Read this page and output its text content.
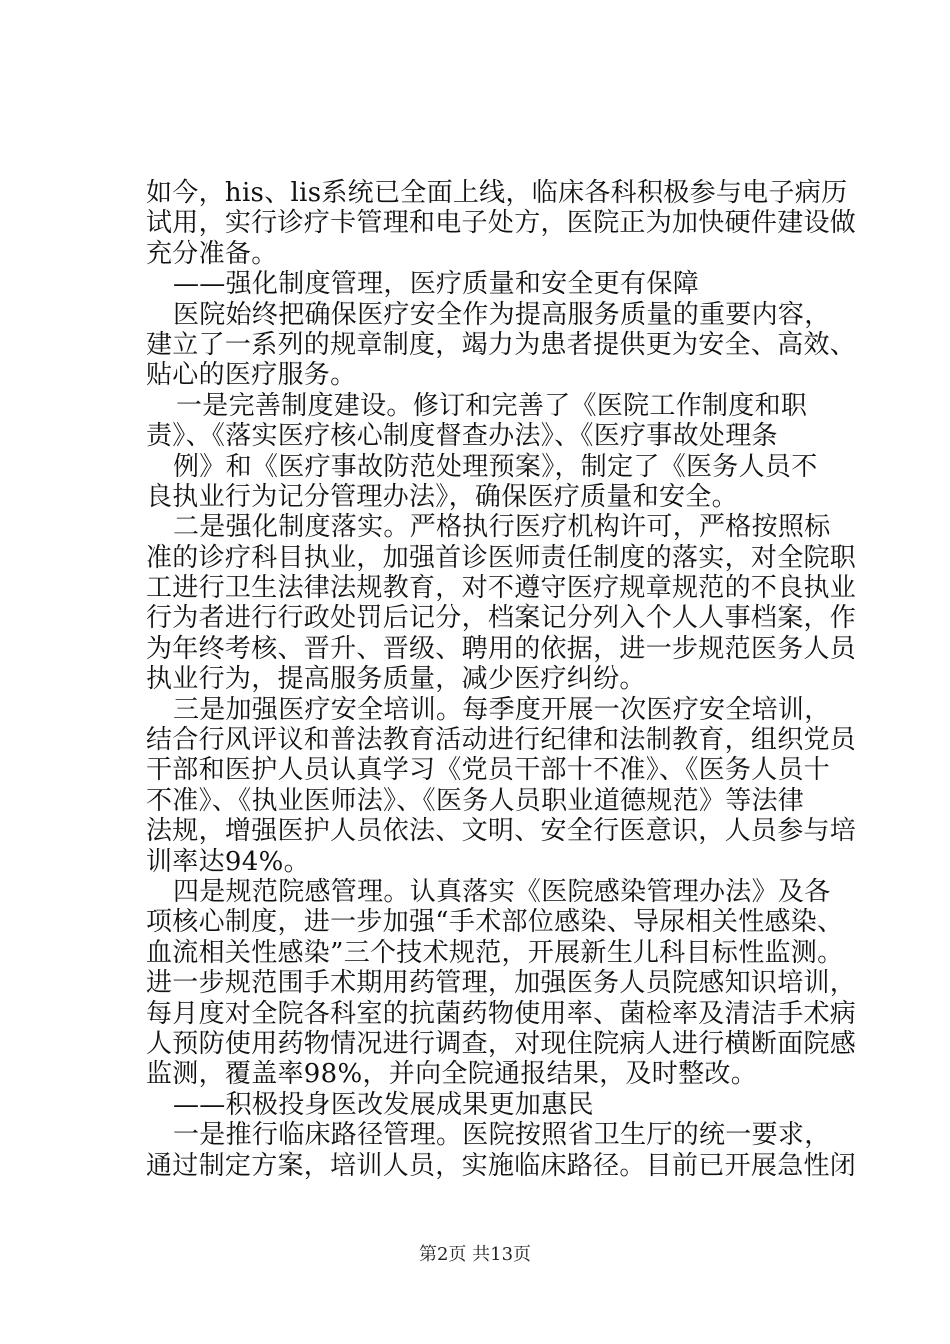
如今，his、lis系统已全面上线，临床各科积极参与电子病历
试用，实行诊疗卡管理和电子处方，医院正为加快硬件建设做
充分准备。
——强化制度管理，医疗质量和安全更有保障
医院始终把确保医疗安全作为提高服务质量的重要内容，
建立了一系列的规章制度，竭力为患者提供更为安全、高效、
贴心的医疗服务。
一是完善制度建设。修订和完善了《医院工作制度和职
责》、《落实医疗核心制度督查办法》、《医疗事故处理条
例》和《医疗事故防范处理预案》，制定了《医务人员不
良执业行为记分管理办法》，确保医疗质量和安全。
二是强化制度落实。严格执行医疗机构许可，严格按照标
准的诊疗科目执业，加强首诊医师责任制度的落实，对全院职
工进行卫生法律法规教育，对不遵守医疗规章规范的不良执业
行为者进行行政处罚后记分，档案记分列入个人人事档案，作
为年终考核、晋升、晋级、聘用的依据，进一步规范医务人员
执业行为，提高服务质量，减少医疗纠纷。
三是加强医疗安全培训。每季度开展一次医疗安全培训，
结合行风评议和普法教育活动进行纪律和法制教育，组织党员
干部和医护人员认真学习《党员干部十不准》、《医务人员十
不准》、《执业医师法》、《医务人员职业道德规范》等法律
法规，增强医护人员依法、文明、安全行医意识，人员参与培
训率达94%。
四是规范院感管理。认真落实《医院感染管理办法》及各
项核心制度，进一步加强“手术部位感染、导尿相关性感染、
血流相关性感染”三个技术规范，开展新生儿科目标性监测。
进一步规范围手术期用药管理，加强医务人员院感知识培训，
每月度对全院各科室的抗菌药物使用率、菌检率及清洁手术病
人预防使用药物情况进行调查，对现住院病人进行横断面院感
监测，覆盖率98%，并向全院通报结果，及时整改。
——积极投身医改发展成果更加惠民
一是推行临床路径管理。医院按照省卫生厅的统一要求，
通过制定方案，培训人员，实施临床路径。目前已开展急性闭
第2页 共13页
